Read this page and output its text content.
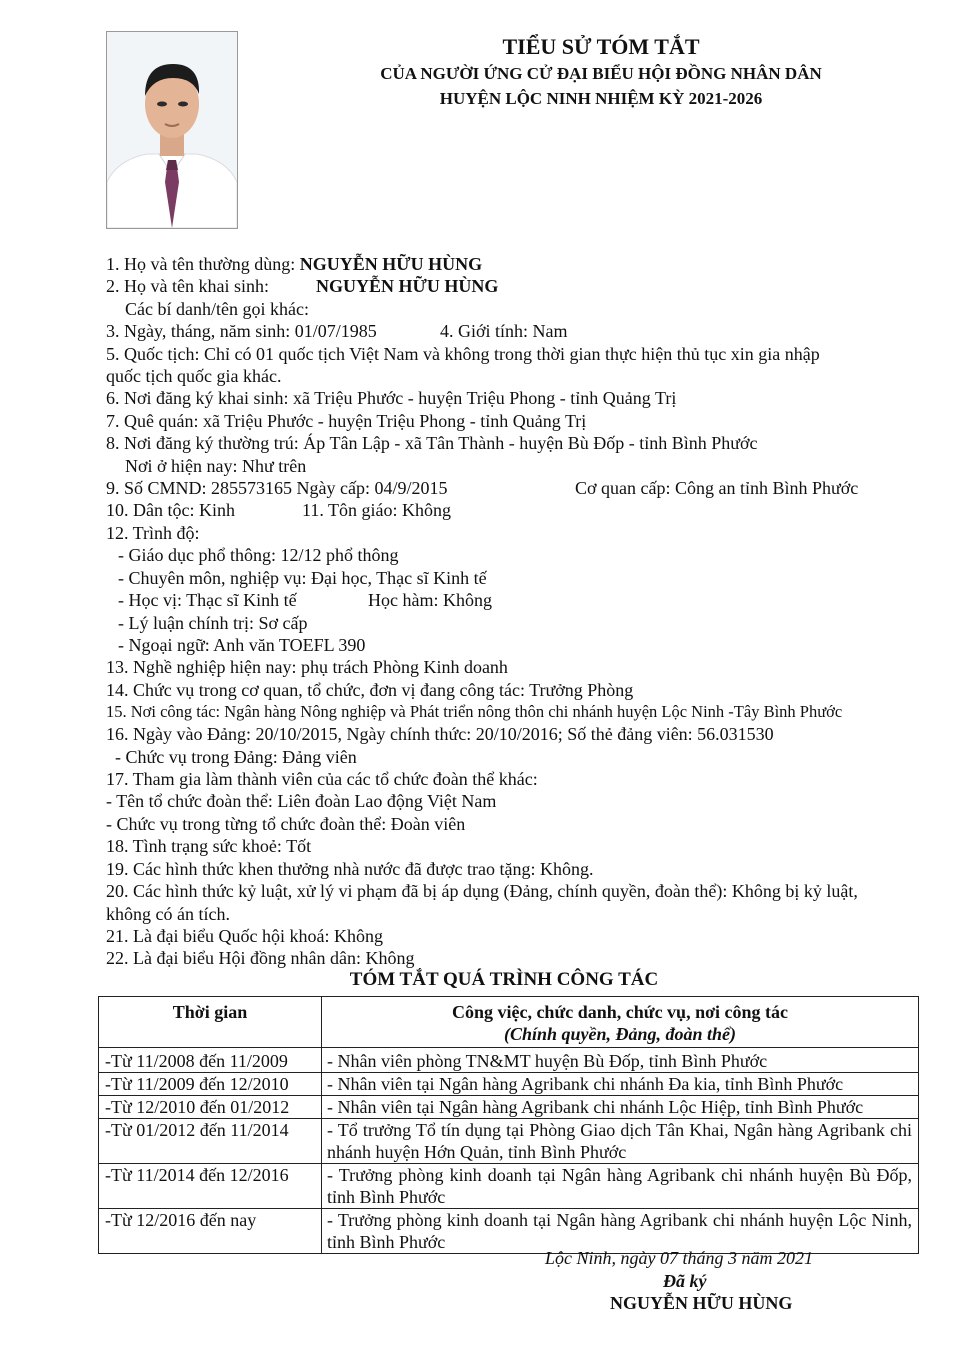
TIỂU SỬ TÓM TẮT
CỦA NGƯỜI ỨNG CỬ ĐẠI BIỂU HỘI ĐỒNG NHÂN DÂN
HUYỆN LỘC NINH NHIỆM KỲ 2021-2026
1. Họ và tên thường dùng: NGUYỄN HỮU HÙNG
2. Họ và tên khai sinh:	NGUYỄN HỮU HÙNG
Các bí danh/tên gọi khác:
3. Ngày, tháng, năm sinh: 01/07/1985	4. Giới tính: Nam
5. Quốc tịch: Chỉ có 01 quốc tịch Việt Nam và không trong thời gian thực hiện thủ tục xin gia nhập
quốc tịch quốc gia khác.
6. Nơi đăng ký khai sinh: xã Triệu Phước - huyện Triệu Phong - tỉnh Quảng Trị
7. Quê quán: xã Triệu Phước - huyện Triệu Phong - tỉnh Quảng Trị
8. Nơi đăng ký thường trú: Áp Tân Lập - xã Tân Thành - huyện Bù Đốp - tỉnh Bình Phước
Nơi ở hiện nay: Như trên
9. Số CMND: 285573165 Ngày cấp: 04/9/2015	Cơ quan cấp: Công an tỉnh Bình Phước
10. Dân tộc: Kinh	11. Tôn giáo: Không
12. Trình độ:
- Giáo dục phổ thông: 12/12 phổ thông
- Chuyên môn, nghiệp vụ: Đại học, Thạc sĩ Kinh tế
- Học vị: Thạc sĩ Kinh tế	Học hàm: Không
- Lý luận chính trị: Sơ cấp
- Ngoại ngữ: Anh văn TOEFL 390
13. Nghề nghiệp hiện nay: phụ trách Phòng Kinh doanh
14. Chức vụ trong cơ quan, tổ chức, đơn vị đang công tác: Trưởng Phòng
15. Nơi công tác: Ngân hàng Nông nghiệp và Phát triển nông thôn chi nhánh huyện Lộc Ninh -Tây Bình Phước
16. Ngày vào Đảng: 20/10/2015, Ngày chính thức: 20/10/2016; Số thẻ đảng viên: 56.031530
- Chức vụ trong Đảng: Đảng viên
17. Tham gia làm thành viên của các tổ chức đoàn thể khác:
- Tên tổ chức đoàn thể: Liên đoàn Lao động Việt Nam
- Chức vụ trong từng tổ chức đoàn thể: Đoàn viên
18. Tình trạng sức khoẻ: Tốt
19. Các hình thức khen thưởng nhà nước đã được trao tặng: Không.
20. Các hình thức kỷ luật, xử lý vi phạm đã bị áp dụng (Đảng, chính quyền, đoàn thể): Không bị kỷ luật,
không có án tích.
21. Là đại biểu Quốc hội khoá: Không
22. Là đại biểu Hội đồng nhân dân: Không
TÓM TẮT QUÁ TRÌNH CÔNG TÁC
Thời gian	Công việc, chức danh, chức vụ, nơi công tác
(Chính quyền, Đảng, đoàn thể)

-Từ 11/2008 đến 11/2009	- Nhân viên phòng TN&MT huyện Bù Đốp, tỉnh Bình Phước
-Từ 11/2009 đến 12/2010	- Nhân viên tại Ngân hàng Agribank chi nhánh Đa kia, tỉnh Bình Phước
-Từ 12/2010 đến 01/2012	- Nhân viên tại Ngân hàng Agribank chi nhánh Lộc Hiệp, tỉnh Bình Phước
-Từ 01/2012 đến 11/2014	- Tổ trưởng Tổ tín dụng tại Phòng Giao dịch Tân Khai, Ngân hàng Agribank chi nhánh huyện Hớn Quản, tỉnh Bình Phước
-Từ 11/2014 đến 12/2016	- Trưởng phòng kinh doanh tại Ngân hàng Agribank chi nhánh huyện Bù Đốp, tỉnh Bình Phước
-Từ 12/2016 đến nay	- Trưởng phòng kinh doanh tại Ngân hàng Agribank chi nhánh huyện Lộc Ninh, tỉnh Bình Phước
Lộc Ninh, ngày 07 tháng 3 năm 2021
Đã ký
NGUYỄN HỮU HÙNG
